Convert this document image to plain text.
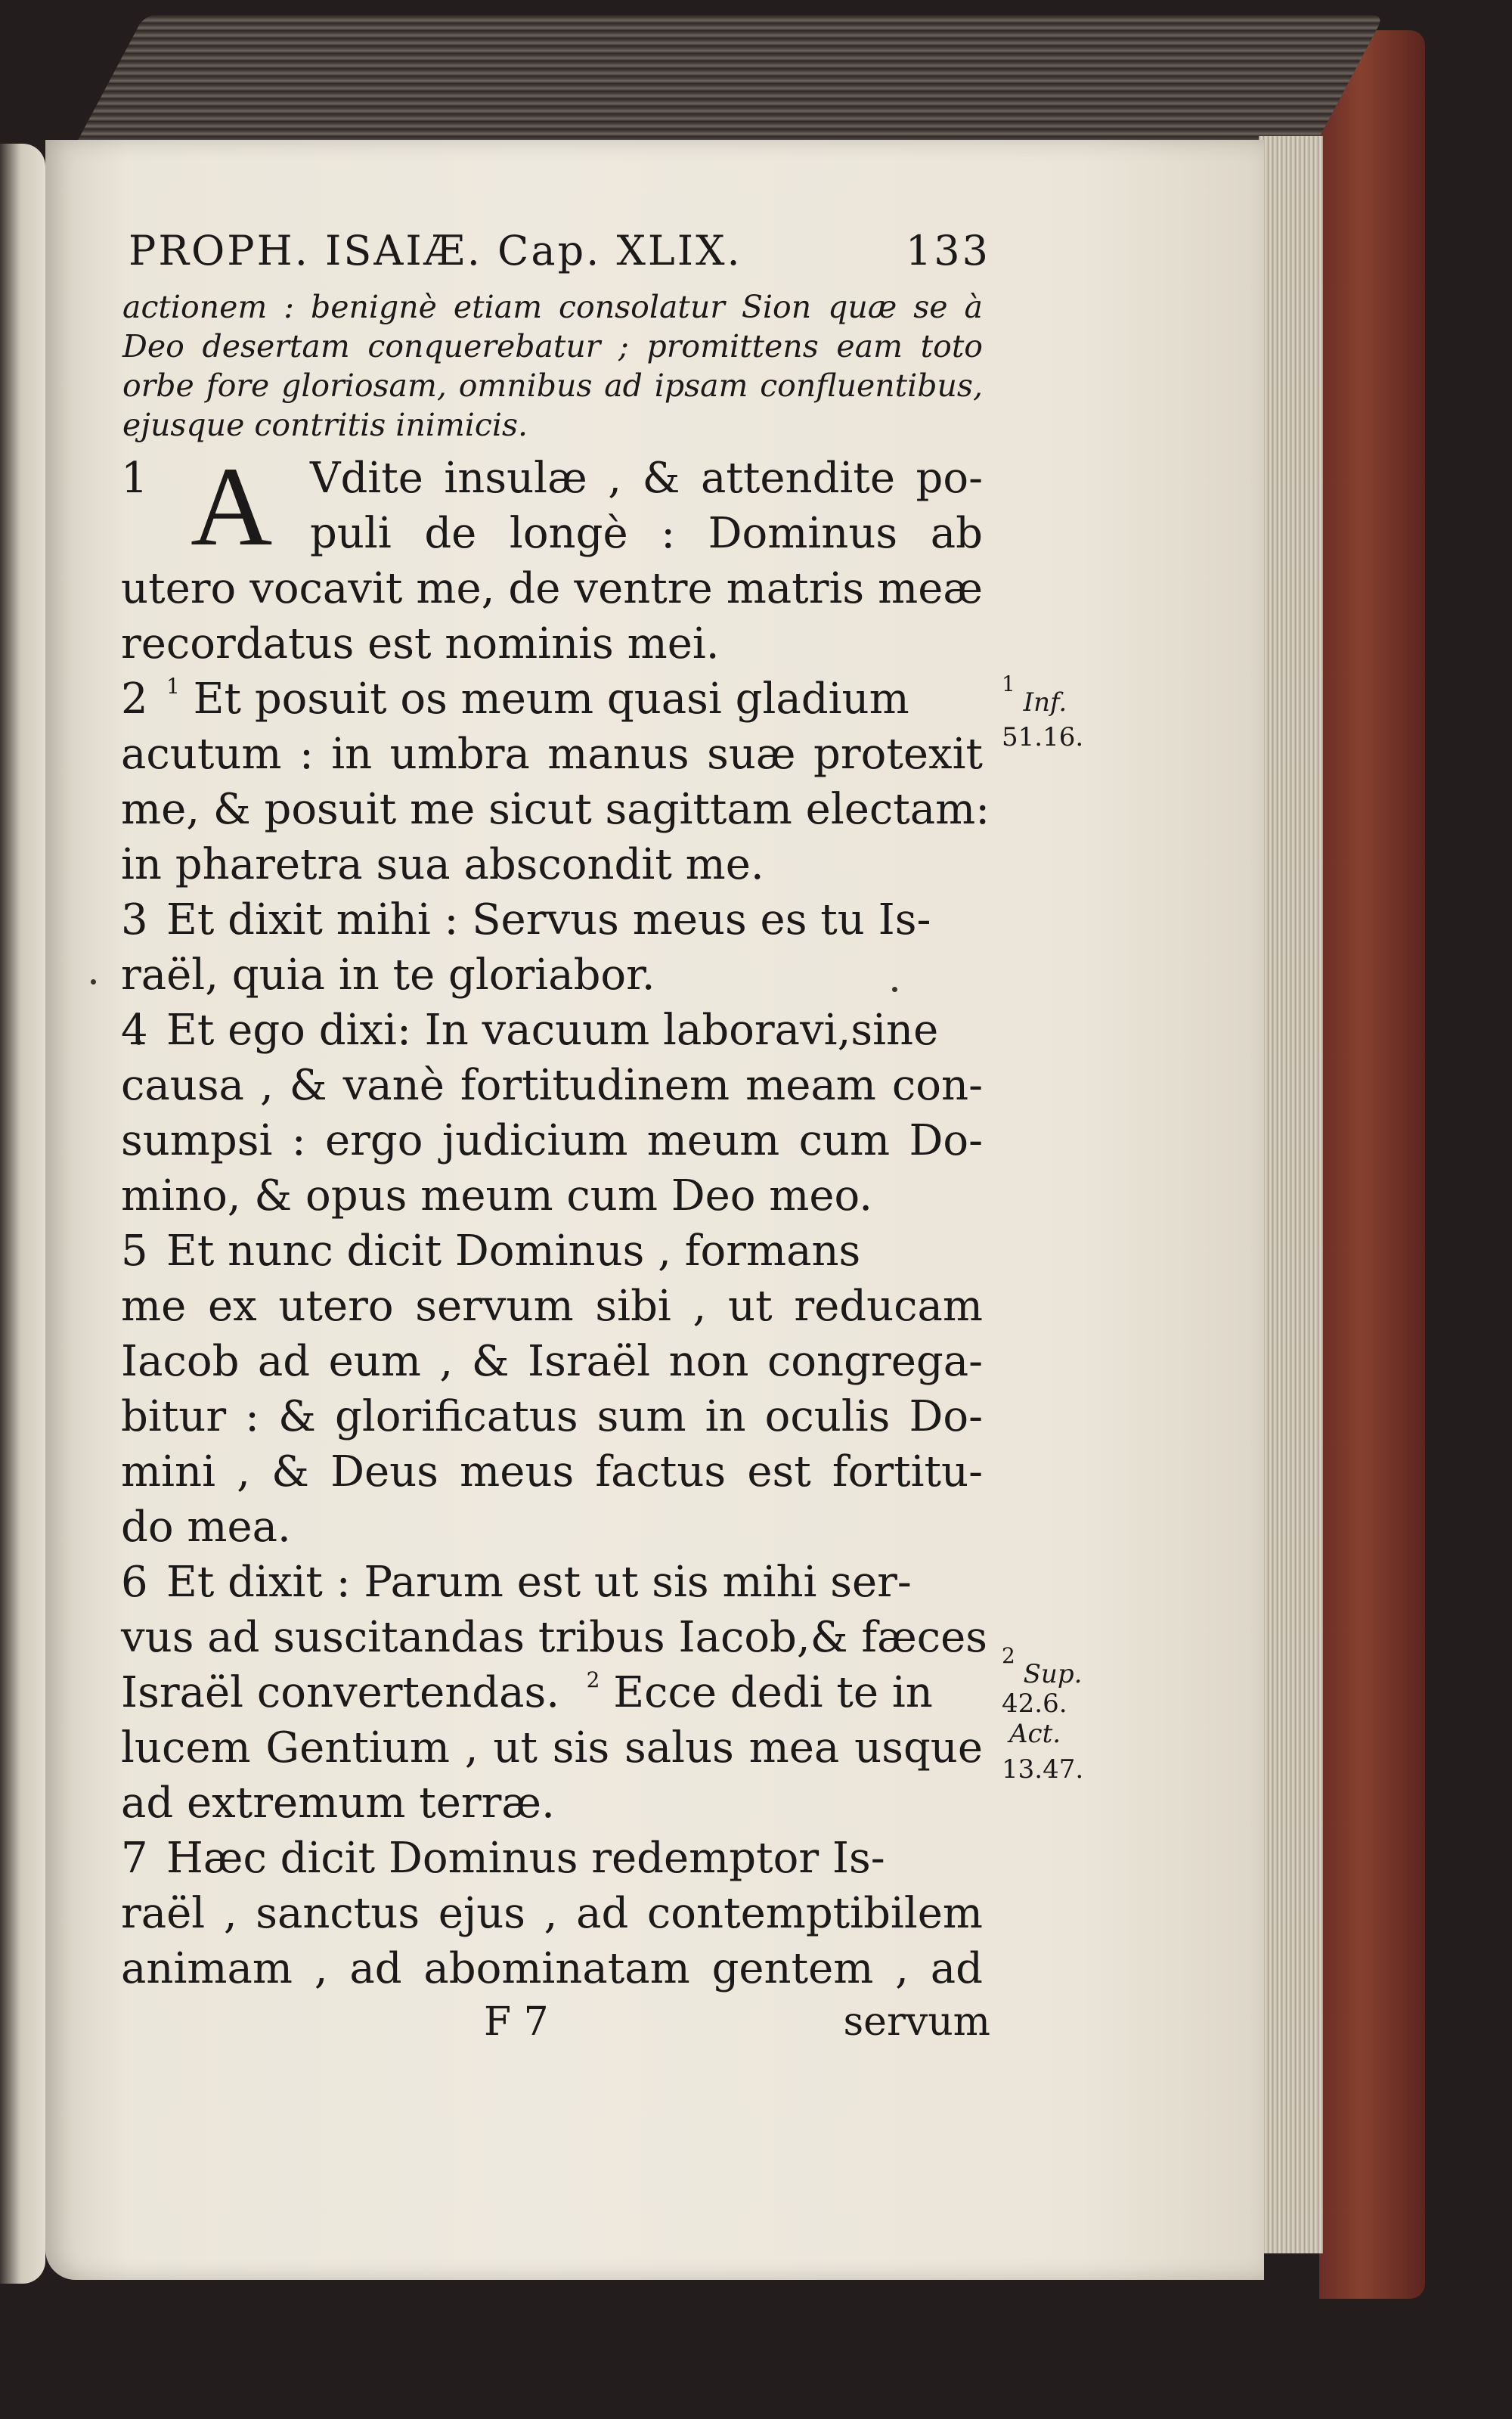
PROPH. ISAIÆ. Cap. XLIX.	133
actionem : benignè etiam consolatur Sion quæ se à
Deo desertam conquerebatur ; promittens eam toto
orbe fore gloriosam, omnibus ad ipsam confluentibus,
ejusque contritis inimicis.
1 A Vdite insulæ , & attendite po-
puli de longè : Dominus ab
utero vocavit me, de ventre matris meæ
recordatus est nominis mei.
2 $^1$ Et posuit os meum quasi gladium
acutum : in umbra manus suæ protexit
me, & posuit me sicut sagittam electam:
in pharetra sua abscondit me.
3 Et dixit mihi : Servus meus es tu Is-
raël, quia in te gloriabor.
4 Et ego dixi: In vacuum laboravi,sine
causa , & vanè fortitudinem meam con-
sumpsi : ergo judicium meum cum Do-
mino, & opus meum cum Deo meo.
5 Et nunc dicit Dominus , formans
me ex utero servum sibi , ut reducam
Iacob ad eum , & Israël non congrega-
bitur : & glorificatus sum in oculis Do-
mini , & Deus meus factus est fortitu-
do mea.
6 Et dixit : Parum est ut sis mihi ser-
vus ad suscitandas tribus Iacob,& fæces
Israël convertendas. $^2$ Ecce dedi te in
lucem Gentium , ut sis salus mea usque
ad extremum terræ.
7 Hæc dicit Dominus redemptor Is-
raël , sanctus ejus , ad contemptibilem
animam , ad abominatam gentem , ad
F 7	servum
$^1$ Inf.
51.16.
$^2$ Sup.
42.6.
Act.
13.47.
